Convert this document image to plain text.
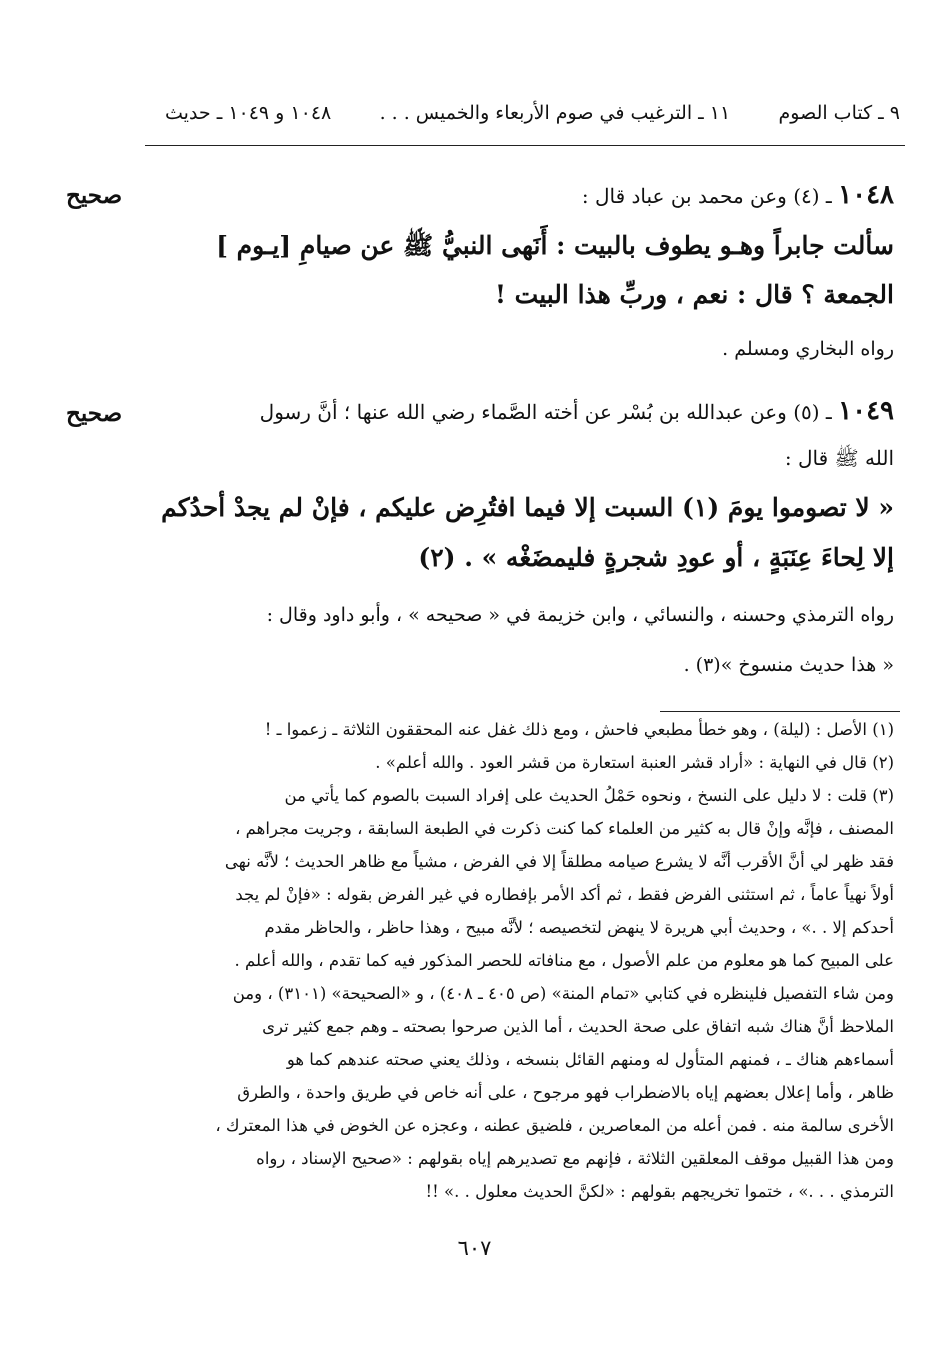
٩ ـ كتاب الصوم
١١ ـ الترغيب في صوم الأربعاء والخميس . . .
١٠٤٨ و ١٠٤٩ ـ حديث
صحيح	١٠٤٨ ـ (٤) وعن محمد بن عباد قال :
سألت جابراً وهـو يطوف بالبيت : أَنَهى النبيُّ ﷺ عن صيامِ [يـوم ]
الجمعة ؟ قال : نعم ، وربِّ هذا البيت !
رواه البخاري ومسلم .
صحيح	١٠٤٩ ـ (٥) وعن عبدالله بن بُسْر عن أخته الصَّماء رضي الله عنها ؛ أنَّ رسول
الله ﷺ قال :
« لا تصوموا يومَ (١) السبت إلا فيما افتُرِض عليكم ، فإنْ لم يجدْ أحدُكم
إلا لِحاءَ عِنَبَةٍ ، أو عودِ شجرةٍ فليمضَغْه » . (٢)
رواه الترمذي وحسنه ، والنسائي ، وابن خزيمة في « صحيحه » ، وأبو داود وقال :
« هذا حديث منسوخ »(٣) .
(١) الأصل : (ليلة) ، وهو خطأ مطبعي فاحش ، ومع ذلك غفل عنه المحققون الثلاثة ـ زعموا ـ !
(٢) قال في النهاية : «أراد قشر العنبة استعارة من قشر العود . والله أعلم» .
(٣) قلت : لا دليل على النسخ ، ونحوه حَمْلُ الحديث على إفراد السبت بالصوم كما يأتي من
المصنف ، فإنَّه وإنْ قال به كثير من العلماء كما كنت ذكرت في الطبعة السابقة ، وجريت مجراهم ،
فقد ظهر لي أنَّ الأقرب أنَّه لا يشرع صيامه مطلقاً إلا في الفرض ، مشياً مع ظاهر الحديث ؛ لأنَّه نهى
أولاً نهياً عاماً ، ثم استثنى الفرض فقط ، ثم أكد الأمر بإفطاره في غير الفرض بقوله : «فإنْ لم يجد
أحدكم إلا . .» ، وحديث أبي هريرة لا ينهض لتخصيصه ؛ لأنَّه مبيح ، وهذا حاظر ، والحاظر مقدم
على المبيح كما هو معلوم من علم الأصول ، مع منافاته للحصر المذكور فيه كما تقدم ، والله أعلم .
ومن شاء التفصيل فلينظره في كتابي «تمام المنة» (ص ٤٠٥ ـ ٤٠٨) ، و «الصحيحة» (٣١٠١) ، ومن
الملاحظ أنَّ هناك شبه اتفاق على صحة الحديث ، أما الذين صرحوا بصحته ـ وهم جمع كثير ترى
أسماءهم هناك ـ ، فمنهم المتأول له ومنهم القائل بنسخه ، وذلك يعني صحته عندهم كما هو
ظاهر ، وأما إعلال بعضهم إياه بالاضطراب فهو مرجوح ، على أنه خاص في طريق واحدة ، والطرق
الأخرى سالمة منه . فمن أعله من المعاصرين ، فلضيق عطنه ، وعجزه عن الخوض في هذا المعترك ،
ومن هذا القبيل موقف المعلقين الثلاثة ، فإنهم مع تصديرهم إياه بقولهم : «صحيح الإسناد ، رواه
الترمذي . . .» ، ختموا تخريجهم بقولهم : «لكنَّ الحديث معلول . .» !!
٦٠٧
